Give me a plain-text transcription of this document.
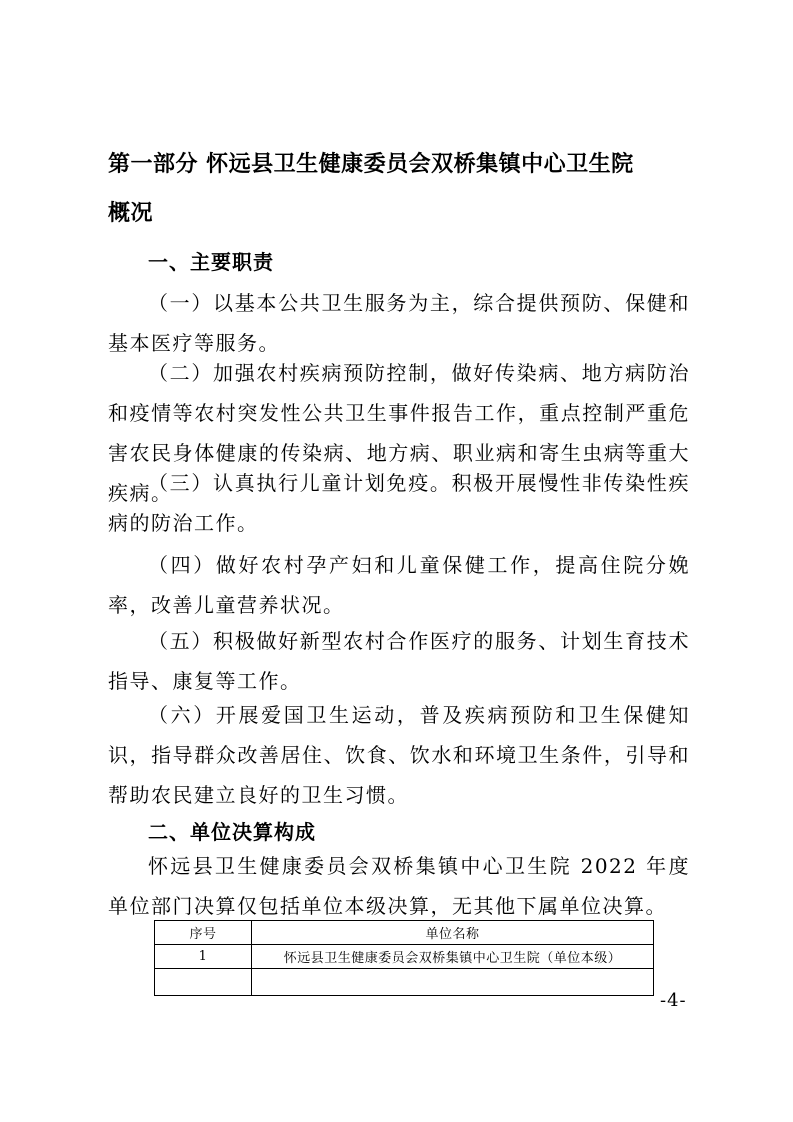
第一部分 怀远县卫生健康委员会双桥集镇中心卫生院
概况
一、主要职责
（一）以基本公共卫生服务为主，综合提供预防、保健和基本医疗等服务。
（二）加强农村疾病预防控制，做好传染病、地方病防治和疫情等农村突发性公共卫生事件报告工作，重点控制严重危害农民身体健康的传染病、地方病、职业病和寄生虫病等重大疾病。
（三）认真执行儿童计划免疫。积极开展慢性非传染性疾病的防治工作。
（四）做好农村孕产妇和儿童保健工作，提高住院分娩率，改善儿童营养状况。
（五）积极做好新型农村合作医疗的服务、计划生育技术指导、康复等工作。
（六）开展爱国卫生运动，普及疾病预防和卫生保健知识，指导群众改善居住、饮食、饮水和环境卫生条件，引导和帮助农民建立良好的卫生习惯。
二、单位决算构成
怀远县卫生健康委员会双桥集镇中心卫生院 2022 年度单位部门决算仅包括单位本级决算，无其他下属单位决算。
序号	单位名称
1	怀远县卫生健康委员会双桥集镇中心卫生院（单位本级）

-4-
